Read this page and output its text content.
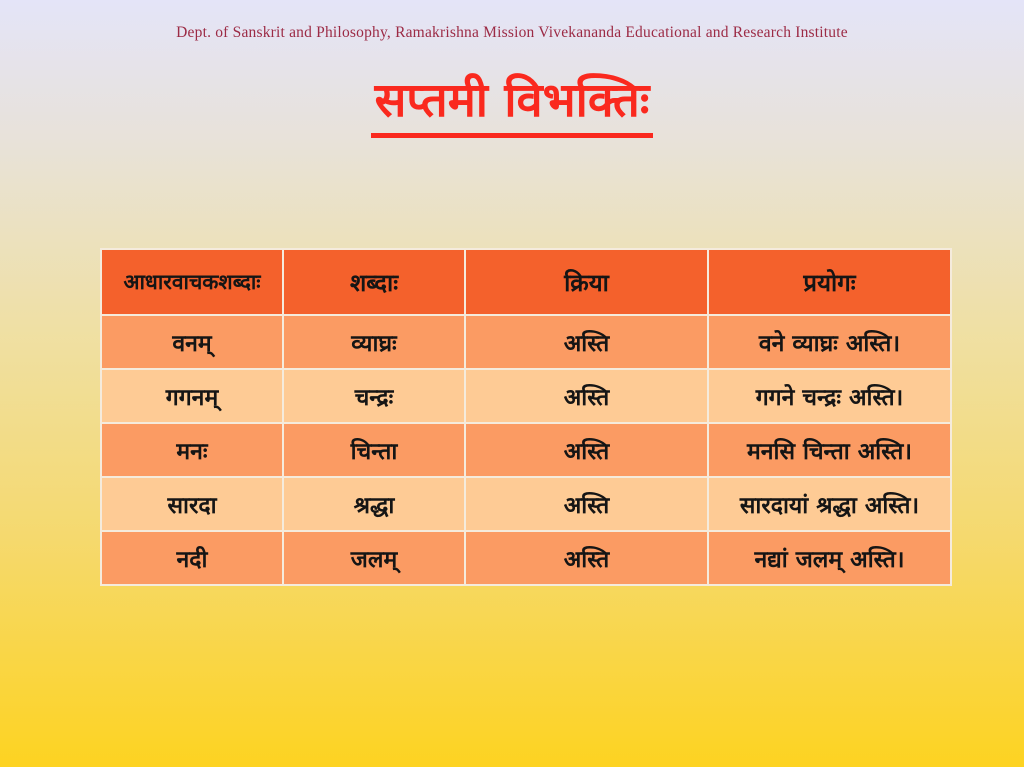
Dept. of Sanskrit and Philosophy, Ramakrishna Mission Vivekananda Educational and Research Institute
सप्तमी विभक्तिः
आधारवाचकशब्दाः	शब्दाः	क्रिया	प्रयोगः
वनम्	व्याघ्रः	अस्ति	वने व्याघ्रः अस्ति।
गगनम्	चन्द्रः	अस्ति	गगने चन्द्रः अस्ति।
मनः	चिन्ता	अस्ति	मनसि चिन्ता अस्ति।
सारदा	श्रद्धा	अस्ति	सारदायां श्रद्धा अस्ति।
नदी	जलम्	अस्ति	नद्यां जलम् अस्ति।
